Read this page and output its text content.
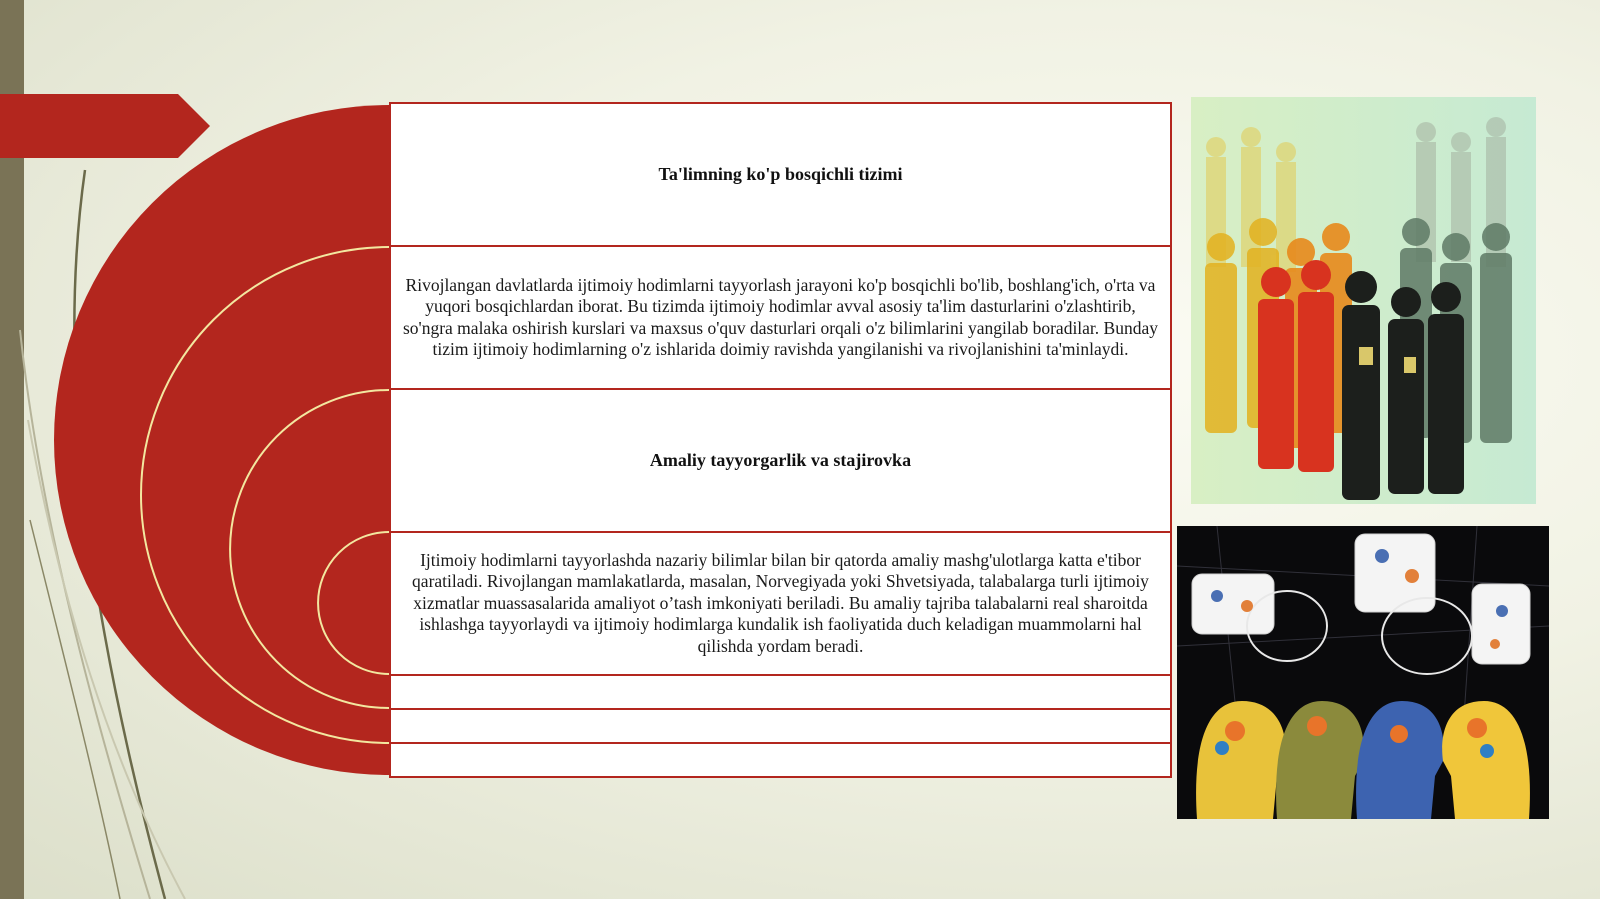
Ta'limning ko'p bosqichli tizimi
Rivojlangan davlatlarda ijtimoiy hodimlarni tayyorlash jarayoni ko'p bosqichli bo'lib, boshlang'ich, o'rta va yuqori bosqichlardan iborat. Bu tizimda ijtimoiy hodimlar avval asosiy ta'lim dasturlarini o'zlashtirib, so'ngra malaka oshirish kurslari va maxsus o'quv dasturlari orqali o'z bilimlarini yangilab boradilar. Bunday tizim ijtimoiy hodimlarning o'z ishlarida doimiy ravishda yangilanishi va rivojlanishini ta'minlaydi.
Amaliy tayyorgarlik va stajirovka
Ijtimoiy hodimlarni tayyorlashda nazariy bilimlar bilan bir qatorda amaliy mashg'ulotlarga katta e'tibor qaratiladi. Rivojlangan mamlakatlarda, masalan, Norvegiyada yoki Shvetsiyada, talabalarga turli ijtimoiy xizmatlar muassasalarida amaliyot o’tash imkoniyati beriladi. Bu amaliy tajriba talabalarni real sharoitda ishlashga tayyorlaydi va ijtimoiy hodimlarga kundalik ish faoliyatida duch keladigan muammolarni hal qilishda yordam beradi.
